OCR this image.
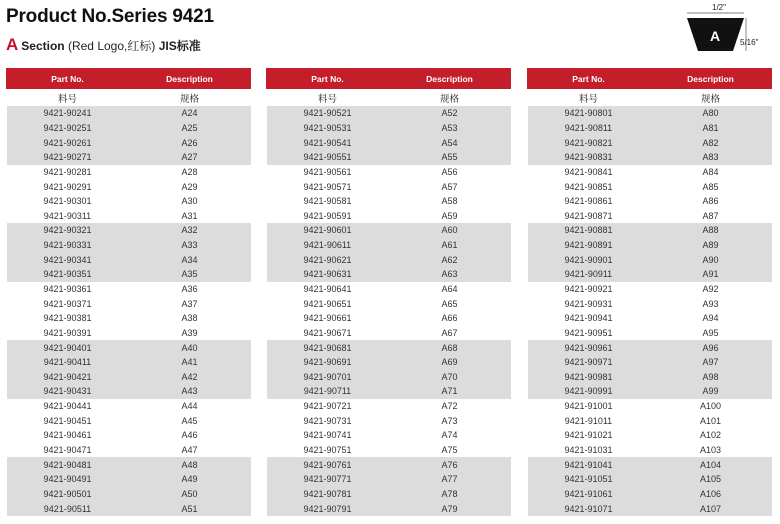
Product No.Series 9421
A Section (Red Logo,红标) JIS标准
1/2"
A 5/16"
Part No.	Description
料号	规格
9421-90241	A24
9421-90251	A25
9421-90261	A26
9421-90271	A27
9421-90281	A28
9421-90291	A29
9421-90301	A30
9421-90311	A31
9421-90321	A32
9421-90331	A33
9421-90341	A34
9421-90351	A35
9421-90361	A36
9421-90371	A37
9421-90381	A38
9421-90391	A39
9421-90401	A40
9421-90411	A41
9421-90421	A42
9421-90431	A43
9421-90441	A44
9421-90451	A45
9421-90461	A46
9421-90471	A47
9421-90481	A48
9421-90491	A49
9421-90501	A50
9421-90511	A51
Part No.	Description
料号	规格
9421-90521	A52
9421-90531	A53
9421-90541	A54
9421-90551	A55
9421-90561	A56
9421-90571	A57
9421-90581	A58
9421-90591	A59
9421-90601	A60
9421-90611	A61
9421-90621	A62
9421-90631	A63
9421-90641	A64
9421-90651	A65
9421-90661	A66
9421-90671	A67
9421-90681	A68
9421-90691	A69
9421-90701	A70
9421-90711	A71
9421-90721	A72
9421-90731	A73
9421-90741	A74
9421-90751	A75
9421-90761	A76
9421-90771	A77
9421-90781	A78
9421-90791	A79
Part No.	Description
料号	规格
9421-90801	A80
9421-90811	A81
9421-90821	A82
9421-90831	A83
9421-90841	A84
9421-90851	A85
9421-90861	A86
9421-90871	A87
9421-90881	A88
9421-90891	A89
9421-90901	A90
9421-90911	A91
9421-90921	A92
9421-90931	A93
9421-90941	A94
9421-90951	A95
9421-90961	A96
9421-90971	A97
9421-90981	A98
9421-90991	A99
9421-91001	A100
9421-91011	A101
9421-91021	A102
9421-91031	A103
9421-91041	A104
9421-91051	A105
9421-91061	A106
9421-91071	A107
